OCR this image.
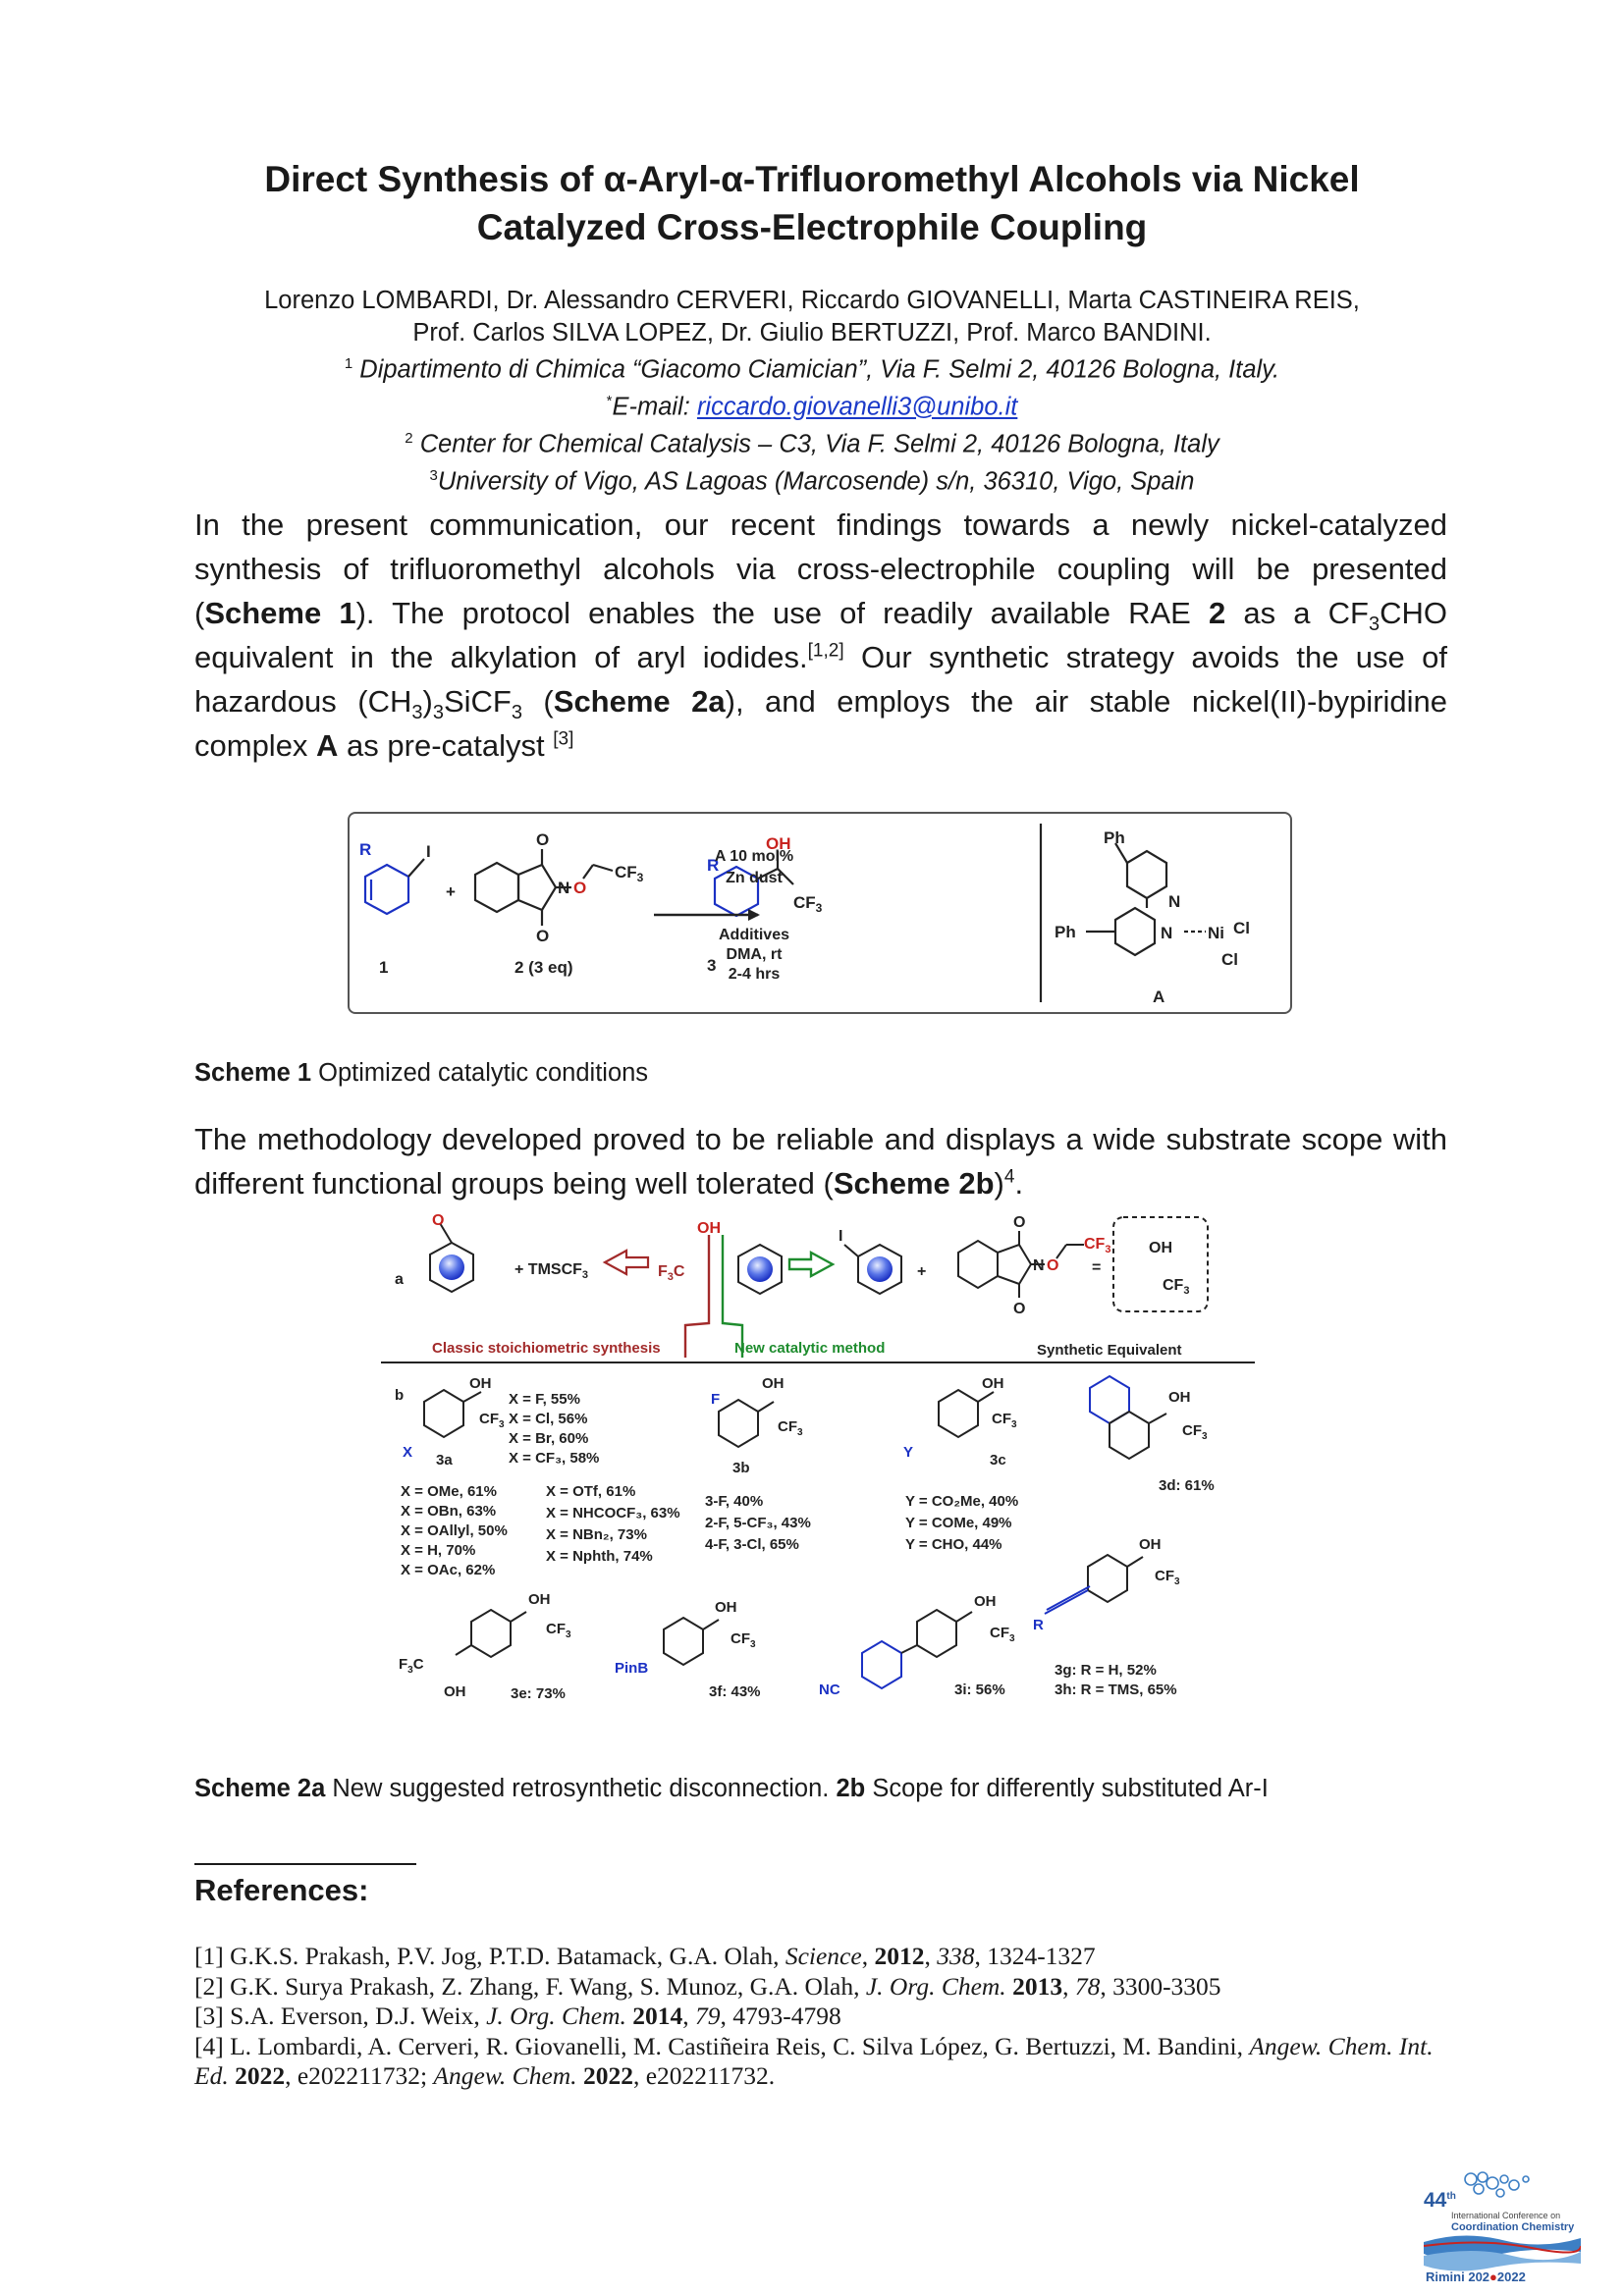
Direct Synthesis of α-Aryl-α-Trifluoromethyl Alcohols via Nickel
Catalyzed Cross-Electrophile Coupling
Lorenzo LOMBARDI, Dr. Alessandro CERVERI, Riccardo GIOVANELLI, Marta CASTINEIRA REIS,
Prof. Carlos SILVA LOPEZ, Dr. Giulio BERTUZZI, Prof. Marco BANDINI.
$^1$ Dipartimento di Chimica “Giacomo Ciamician”, Via F. Selmi 2, 40126 Bologna, Italy.
*E-mail: riccardo.giovanelli3@unibo.it
$^2$ Center for Chemical Catalysis – C3, Via F. Selmi 2, 40126 Bologna, Italy
$^3$University of Vigo, AS Lagoas (Marcosende) s/n, 36310, Vigo, Spain
In the present communication, our recent findings towards a newly nickel-catalyzed synthesis of trifluoromethyl alcohols via cross-electrophile coupling will be presented (Scheme 1). The protocol enables the use of readily available RAE 2 as a $CF_3CHO$ equivalent in the alkylation of aryl iodides.[1,2] Our synthetic strategy avoids the use of hazardous $(CH_3)_3SiCF_3$ (Scheme 2a), and employs the air stable nickel(II)-bypiridine complex A as pre-catalyst [3]
R	I
+
O
O
N O
$CF_3$
1	2 (3 eq)	3
A
R
OH
$CF_3$
Ph
Ph
N
N Ni Cl
Cl
A 10 mol%
Zn dust
Additives
DMA, rt
2-4 hrs
Scheme 1 Optimized catalytic conditions
The methodology developed proved to be reliable and displays a wide substrate scope with different functional groups being well tolerated (Scheme 2b)$^4$.
a
O
+ $TMSCF_3$	$F_3C$
OH	I
+
O
O
N O
$CF_3$
=
OH
$CF_3$
Classic stoichiometric synthesis	New catalytic method	Synthetic Equivalent
b
OH
$CF_3$
X 3a
X = F, 55%
X = Cl, 56%
X = Br, 60%
X = CF₃, 58%
X = OMe, 61%
X = OBn, 63%
X = OAllyl, 50%
X = H, 70%
X = OAc, 62%
X = OTf, 61%
X = NHCOCF₃, 63%
X = NBn₂, 73%
X = Nphth, 74%
F
OH
$CF_3$
3b
3-F, 40%
2-F, 5-CF₃, 43%
4-F, 3-Cl, 65%
OH
$CF_3$
Y	3c
Y = CO₂Me, 40%
Y = COMe, 49%
Y = CHO, 44%
OH
$CF_3$
3d: 61%
OH
$CF_3$
$F_3C$
OH	3e: 73%
OH
$CF_3$
PinB
3f: 43%
OH
$CF_3$
NC	3i: 56%
OH
$CF_3$
R
3g: R = H, 52%
3h: R = TMS, 65%
Scheme 2a New suggested retrosynthetic disconnection. 2b Scope for differently substituted Ar-I
References:

[1] G.K.S. Prakash, P.V. Jog, P.T.D. Batamack, G.A. Olah, Science, 2012, 338, 1324-1327

[2] G.K. Surya Prakash, Z. Zhang, F. Wang, S. Munoz, G.A. Olah, J. Org. Chem. 2013, 78, 3300-3305

[3] S.A. Everson, D.J. Weix, J. Org. Chem. 2014, 79, 4793-4798

[4] L. Lombardi, A. Cerveri, R. Giovanelli, M. Castiñeira Reis, C. Silva López, G. Bertuzzi, M. Bandini, Angew. Chem. Int. Ed. 2022, e202211732; Angew. Chem. 2022, e202211732.

44th
International Conference on
Coordination Chemistry
Rimini 202●2022
